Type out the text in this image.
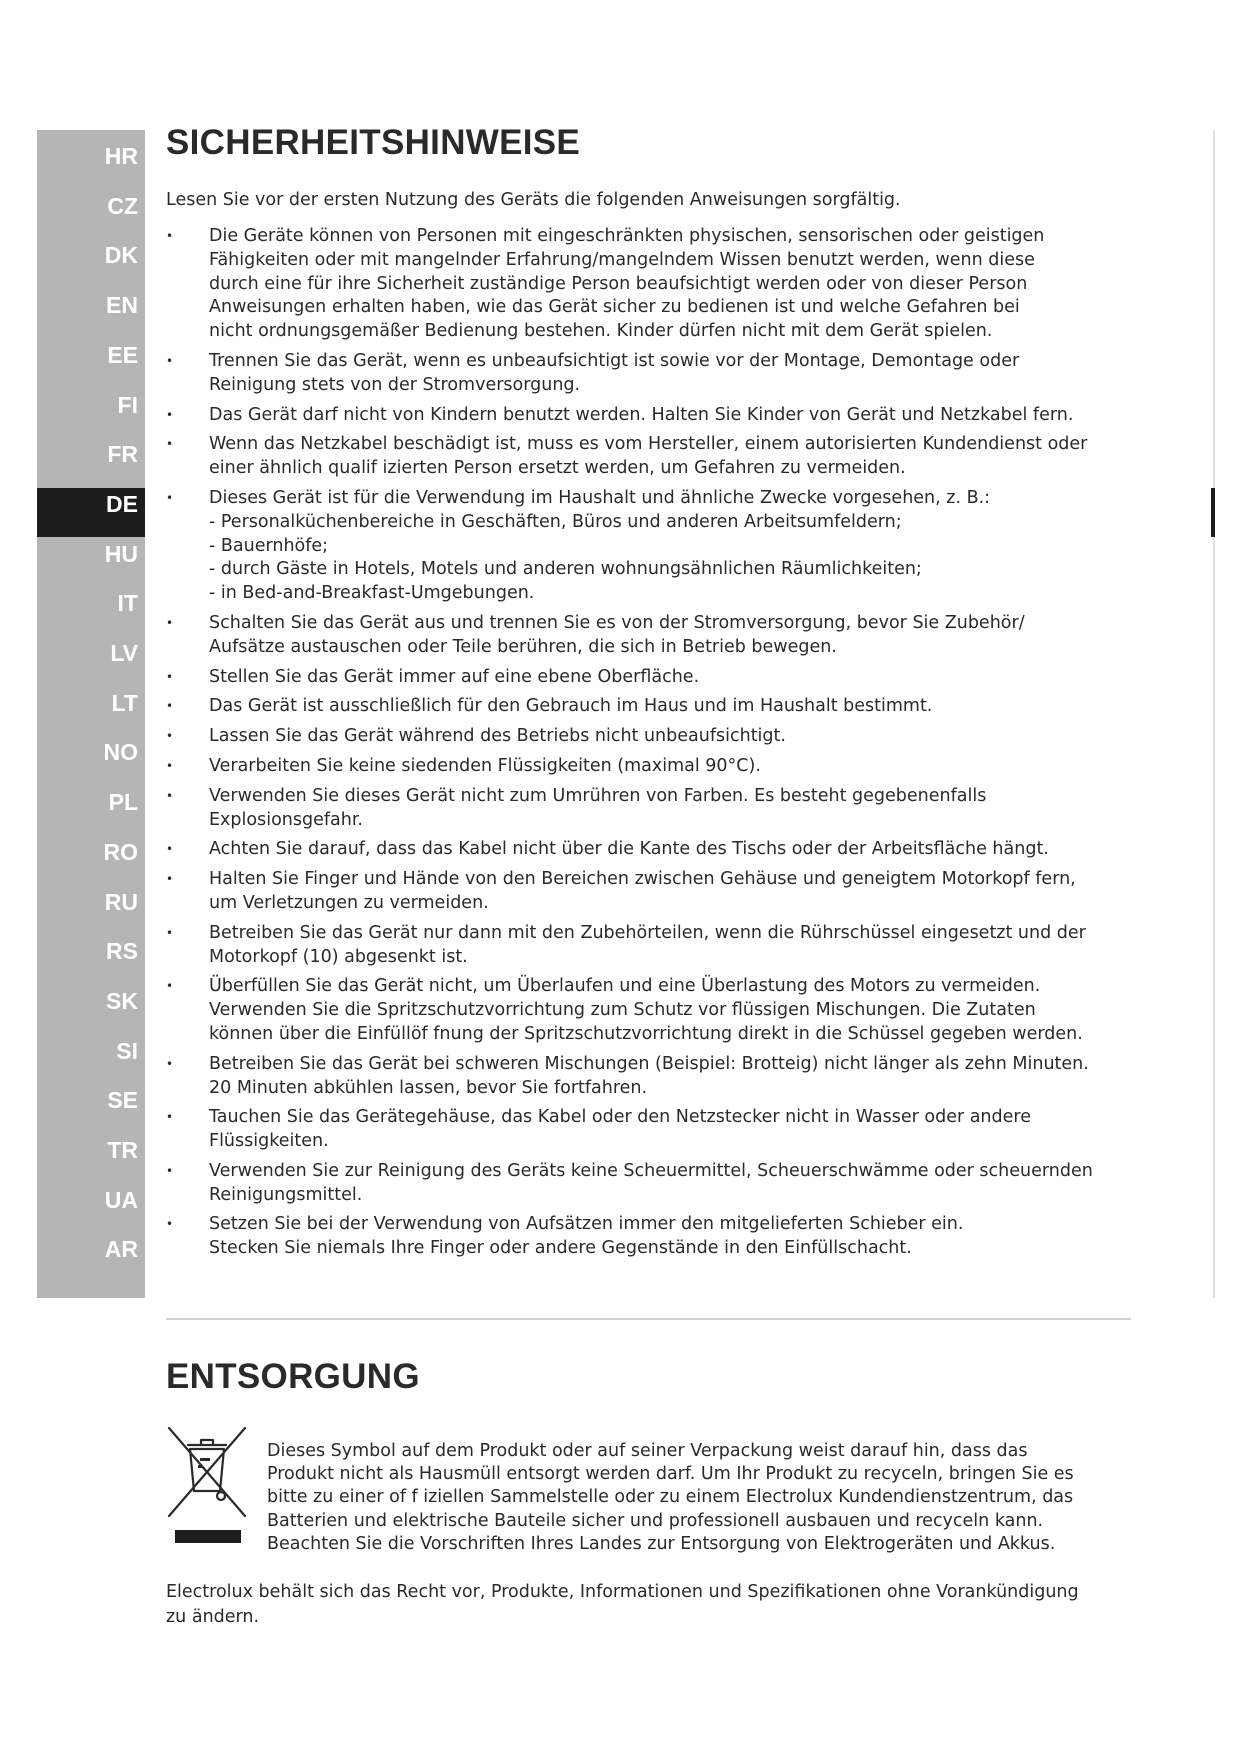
HR
CZ
DK
EN
EE
FI
FR
DE
HU
IT
LV
LT
NO
PL
RO
RU
RS
SK
SI
SE
TR
UA
AR
SICHERHEITSHINWEISE

Lesen Sie vor der ersten Nutzung des Geräts die folgenden Anweisungen sorgfältig.

• Die Geräte können von Personen mit eingeschränkten physischen, sensorischen oder geistigen
Fähigkeiten oder mit mangelnder Erfahrung/mangelndem Wissen benutzt werden, wenn diese
durch eine für ihre Sicherheit zuständige Person beaufsichtigt werden oder von dieser Person
Anweisungen erhalten haben, wie das Gerät sicher zu bedienen ist und welche Gefahren bei
nicht ordnungsgemäßer Bedienung bestehen. Kinder dürfen nicht mit dem Gerät spielen.
• Trennen Sie das Gerät, wenn es unbeaufsichtigt ist sowie vor der Montage, Demontage oder
Reinigung stets von der Stromversorgung.
• Das Gerät darf nicht von Kindern benutzt werden. Halten Sie Kinder von Gerät und Netzkabel fern.
• Wenn das Netzkabel beschädigt ist, muss es vom Hersteller, einem autorisierten Kundendienst oder
einer ähnlich qualif izierten Person ersetzt werden, um Gefahren zu vermeiden.
• Dieses Gerät ist für die Verwendung im Haushalt und ähnliche Zwecke vorgesehen, z. B.:
- Personalküchenbereiche in Geschäften, Büros und anderen Arbeitsumfeldern;
- Bauernhöfe;
- durch Gäste in Hotels, Motels und anderen wohnungsähnlichen Räumlichkeiten;
- in Bed-and-Breakfast-Umgebungen.
• Schalten Sie das Gerät aus und trennen Sie es von der Stromversorgung, bevor Sie Zubehör/
Aufsätze austauschen oder Teile berühren, die sich in Betrieb bewegen.
• Stellen Sie das Gerät immer auf eine ebene Oberfläche.
• Das Gerät ist ausschließlich für den Gebrauch im Haus und im Haushalt bestimmt.
• Lassen Sie das Gerät während des Betriebs nicht unbeaufsichtigt.
• Verarbeiten Sie keine siedenden Flüssigkeiten (maximal 90°C).
• Verwenden Sie dieses Gerät nicht zum Umrühren von Farben. Es besteht gegebenenfalls
Explosionsgefahr.
• Achten Sie darauf, dass das Kabel nicht über die Kante des Tischs oder der Arbeitsfläche hängt.
• Halten Sie Finger und Hände von den Bereichen zwischen Gehäuse und geneigtem Motorkopf fern,
um Verletzungen zu vermeiden.
• Betreiben Sie das Gerät nur dann mit den Zubehörteilen, wenn die Rührschüssel eingesetzt und der
Motorkopf (10) abgesenkt ist.
• Überfüllen Sie das Gerät nicht, um Überlaufen und eine Überlastung des Motors zu vermeiden.
Verwenden Sie die Spritzschutzvorrichtung zum Schutz vor flüssigen Mischungen. Die Zutaten
können über die Einfüllöf fnung der Spritzschutzvorrichtung direkt in die Schüssel gegeben werden.
• Betreiben Sie das Gerät bei schweren Mischungen (Beispiel: Brotteig) nicht länger als zehn Minuten.
20 Minuten abkühlen lassen, bevor Sie fortfahren.
• Tauchen Sie das Gerätegehäuse, das Kabel oder den Netzstecker nicht in Wasser oder andere
Flüssigkeiten.
• Verwenden Sie zur Reinigung des Geräts keine Scheuermittel, Scheuerschwämme oder scheuernden
Reinigungsmittel.
• Setzen Sie bei der Verwendung von Aufsätzen immer den mitgelieferten Schieber ein.
Stecken Sie niemals Ihre Finger oder andere Gegenstände in den Einfüllschacht.
ENTSORGUNG

Dieses Symbol auf dem Produkt oder auf seiner Verpackung weist darauf hin, dass das
Produkt nicht als Hausmüll entsorgt werden darf. Um Ihr Produkt zu recyceln, bringen Sie es
bitte zu einer of f iziellen Sammelstelle oder zu einem Electrolux Kundendienstzentrum, das
Batterien und elektrische Bauteile sicher und professionell ausbauen und recyceln kann.
Beachten Sie die Vorschriften Ihres Landes zur Entsorgung von Elektrogeräten und Akkus.

Electrolux behält sich das Recht vor, Produkte, Informationen und Spezifikationen ohne Vorankündigung
zu ändern.
